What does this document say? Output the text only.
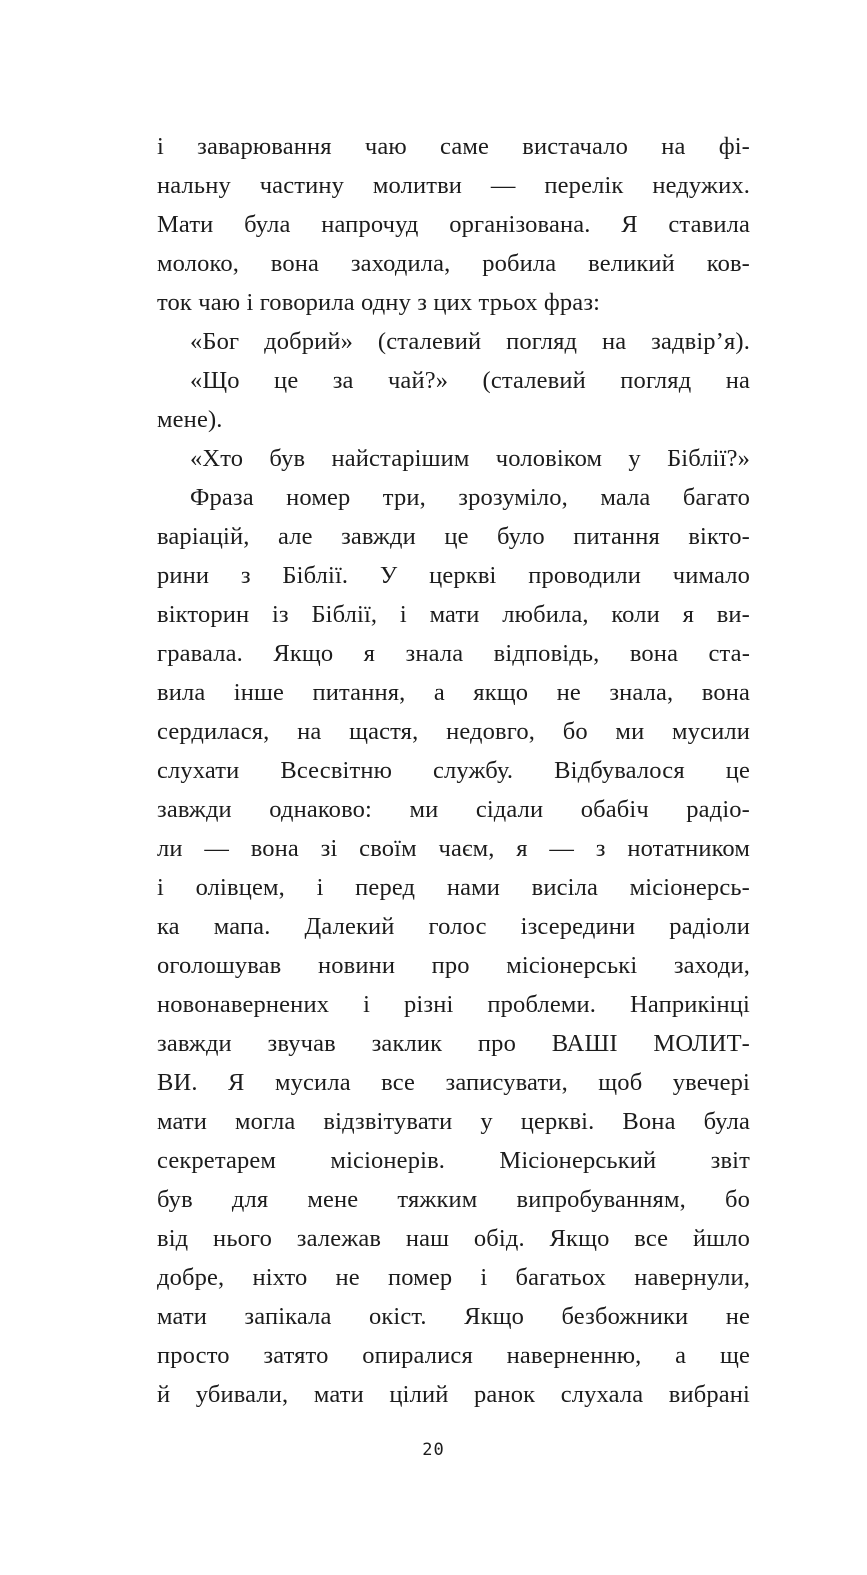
і заварювання чаю саме вистачало на фі-
нальну частину молитви — перелік недужих.
Мати була напрочуд організована. Я ставила
молоко, вона заходила, робила великий ков-
ток чаю і говорила одну з цих трьох фраз:
«Бог добрий» (сталевий погляд на задвір’я).
«Що це за чай?» (сталевий погляд на
мене).
«Хто був найстарішим чоловіком у Біблії?»
Фраза номер три, зрозуміло, мала багато
варіацій, але завжди це було питання вікто-
рини з Біблії. У церкві проводили чимало
вікторин із Біблії, і мати любила, коли я ви-
гравала. Якщо я знала відповідь, вона ста-
вила інше питання, а якщо не знала, вона
сердилася, на щастя, недовго, бо ми мусили
слухати Всесвітню службу. Відбувалося це
завжди однаково: ми сідали обабіч радіо-
ли — вона зі своїм чаєм, я — з нотатником
і олівцем, і перед нами висіла місіонерсь-
ка мапа. Далекий голос ізсередини радіоли
оголошував новини про місіонерські заходи,
новонавернених і різні проблеми. Наприкінці
завжди звучав заклик про ВАШІ МОЛИТ-
ВИ. Я мусила все записувати, щоб увечері
мати могла відзвітувати у церкві. Вона була
секретарем місіонерів. Місіонерський звіт
був для мене тяжким випробуванням, бо
від нього залежав наш обід. Якщо все йшло
добре, ніхто не помер і багатьох навернули,
мати запікала окіст. Якщо безбожники не
просто затято опиралися наверненню, а ще
й убивали, мати цілий ранок слухала вибрані
20
